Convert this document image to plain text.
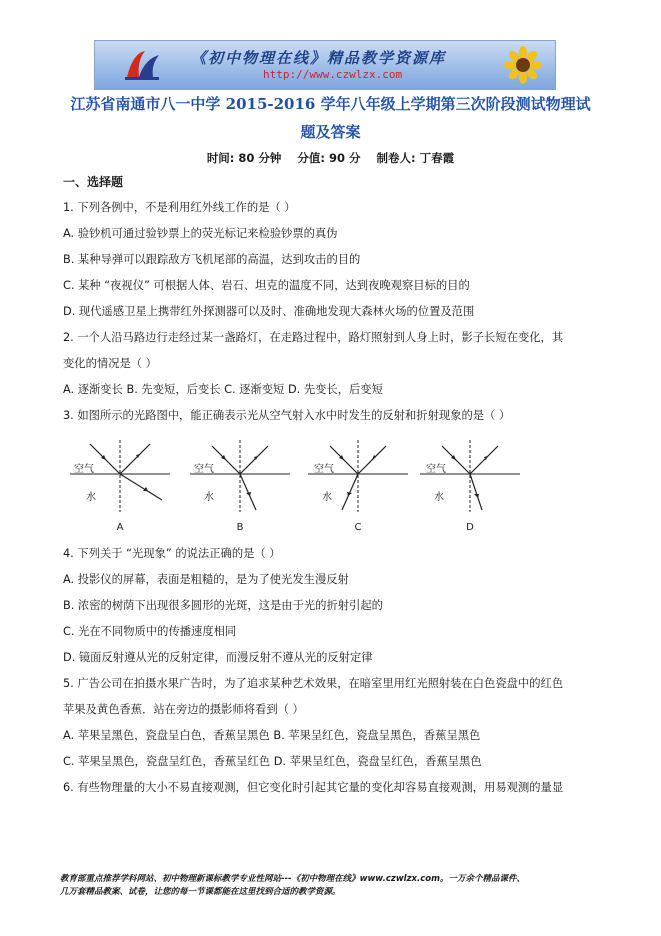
《初中物理在线》精品教学资源库
http://www.czwlzx.com
江苏省南通市八一中学 2015-2016 学年八年级上学期第三次阶段测试物理试
题及答案
时间: 80 分钟    分值: 90 分    制卷人: 丁春霞
一、选择题
1. 下列各例中，不是利用红外线工作的是（ ）
A. 验钞机可通过验钞票上的荧光标记来检验钞票的真伪
B. 某种导弹可以跟踪敌方飞机尾部的高温，达到攻击的目的
C. 某种 “夜视仪” 可根据人体、岩石、坦克的温度不同，达到夜晚观察目标的目的
D. 现代遥感卫星上携带红外探测器可以及时、准确地发现大森林火场的位置及范围
2. 一个人沿马路边行走经过某一盏路灯，在走路过程中，路灯照射到人身上时，影子长短在变化，其
变化的情况是（ ）
A. 逐渐变长 B. 先变短，后变长 C. 逐渐变短 D. 先变长，后变短
3. 如图所示的光路图中，能正确表示光从空气射入水中时发生的反射和折射现象的是（ ）
空气
水
A
空气
水
B
空气
水
C
空气
水
D
4. 下列关于 “光现象” 的说法正确的是（ ）
A. 投影仪的屏幕，表面是粗糙的，是为了使光发生漫反射
B. 浓密的树荫下出现很多圆形的光斑，这是由于光的折射引起的
C. 光在不同物质中的传播速度相同
D. 镜面反射遵从光的反射定律，而漫反射不遵从光的反射定律
5. 广告公司在拍摄水果广告时，为了追求某种艺术效果，在暗室里用红光照射装在白色瓷盘中的红色
苹果及黄色香蕉．站在旁边的摄影师将看到（ ）
A. 苹果呈黑色，瓷盘呈白色，香蕉呈黑色 B. 苹果呈红色，瓷盘呈黑色，香蕉呈黑色
C. 苹果呈黑色，瓷盘呈红色，香蕉呈红色 D. 苹果呈红色，瓷盘呈红色，香蕉呈黑色
6. 有些物理量的大小不易直接观测，但它变化时引起其它量的变化却容易直接观测，用易观测的量显
教育部重点推荐学科网站、初中物理新课标教学专业性网站---《初中物理在线》www.czwlzx.com。一万余个精品课件、
几万套精品教案、试卷，让您的每一节课都能在这里找到合适的教学资源。
